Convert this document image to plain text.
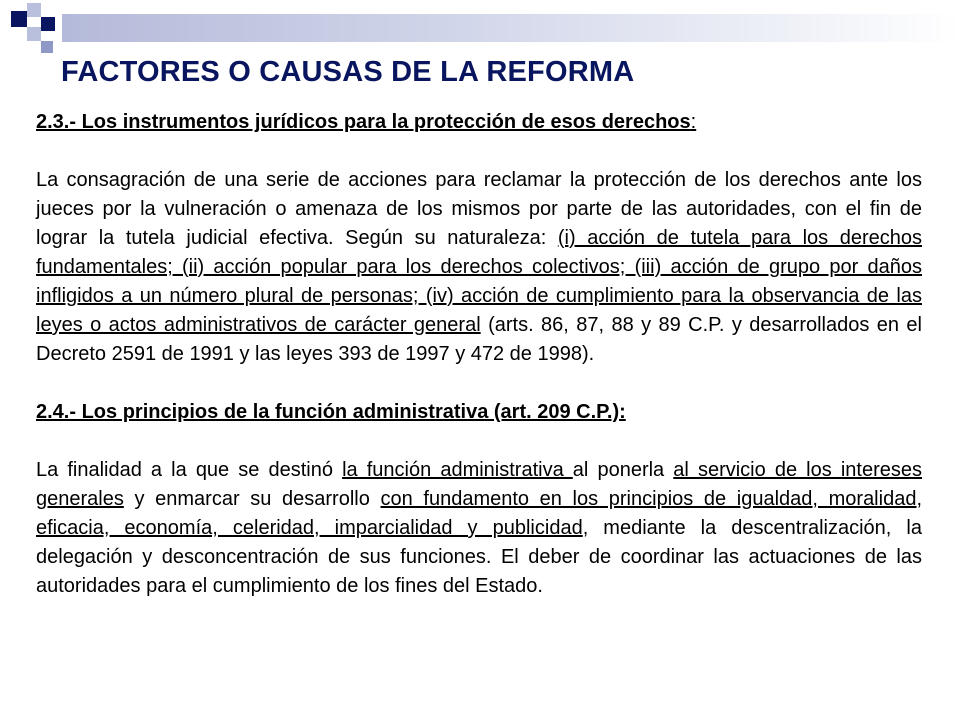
FACTORES O CAUSAS DE LA REFORMA

2.3.- Los instrumentos jurídicos para la protección de esos derechos:

La consagración de una serie de acciones para reclamar la protección de los derechos ante los jueces por la vulneración o amenaza de los mismos por parte de las autoridades, con el fin de lograr la tutela judicial efectiva. Según su naturaleza: (i) acción de tutela para los derechos fundamentales; (ii) acción popular para los derechos colectivos; (iii) acción de grupo por daños infligidos a un número plural de personas; (iv) acción de cumplimiento para la observancia de las leyes o actos administrativos de carácter general (arts. 86, 87, 88 y 89 C.P. y desarrollados en el Decreto 2591 de 1991 y las leyes 393 de 1997 y 472 de 1998).

2.4.- Los principios de la función administrativa (art. 209 C.P.):

La finalidad a la que se destinó la función administrativa al ponerla al servicio de los intereses generales y enmarcar su desarrollo con fundamento en los principios de igualdad, moralidad, eficacia, economía, celeridad, imparcialidad y publicidad, mediante la descentralización, la delegación y desconcentración de sus funciones. El deber de coordinar las actuaciones de las autoridades para el cumplimiento de los fines del Estado.
